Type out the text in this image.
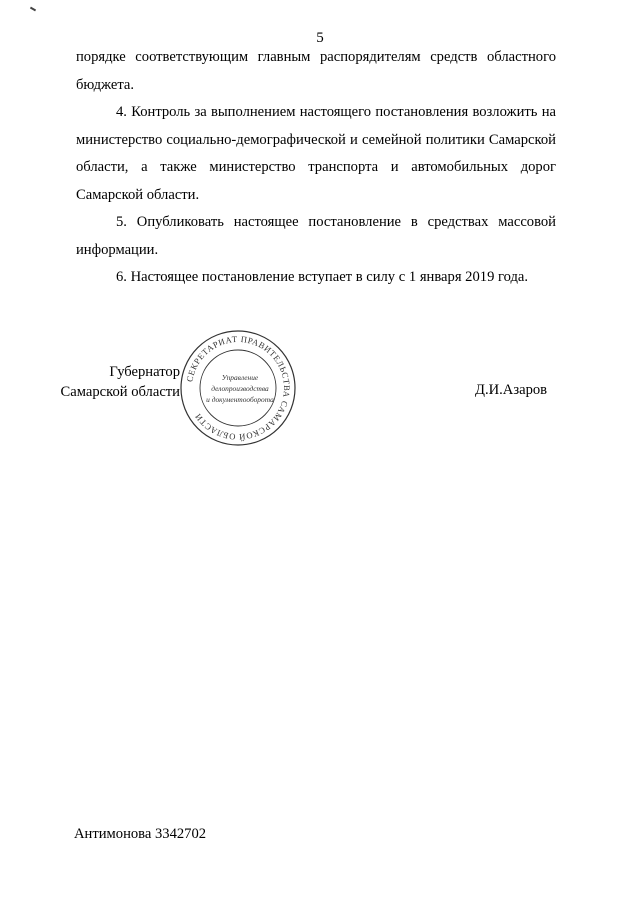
5

порядке соответствующим главным распорядителям средств областного бюджета.

4. Контроль за выполнением настоящего постановления возложить на министерство социально-демографической и семейной политики Самарской области, а также министерство транспорта и автомобильных дорог Самарской области.

5. Опубликовать настоящее постановление в средствах массовой информации.

6. Настоящее постановление вступает в силу с 1 января 2019 года.

Губернатор
Самарской области
СЕКРЕТАРИАТ ПРАВИТЕЛЬСТВА САМАРСКОЙ ОБЛАСТИ
Управление
делопроизводства
и документооборота
Д.И.Азаров
Антимонова 3342702
